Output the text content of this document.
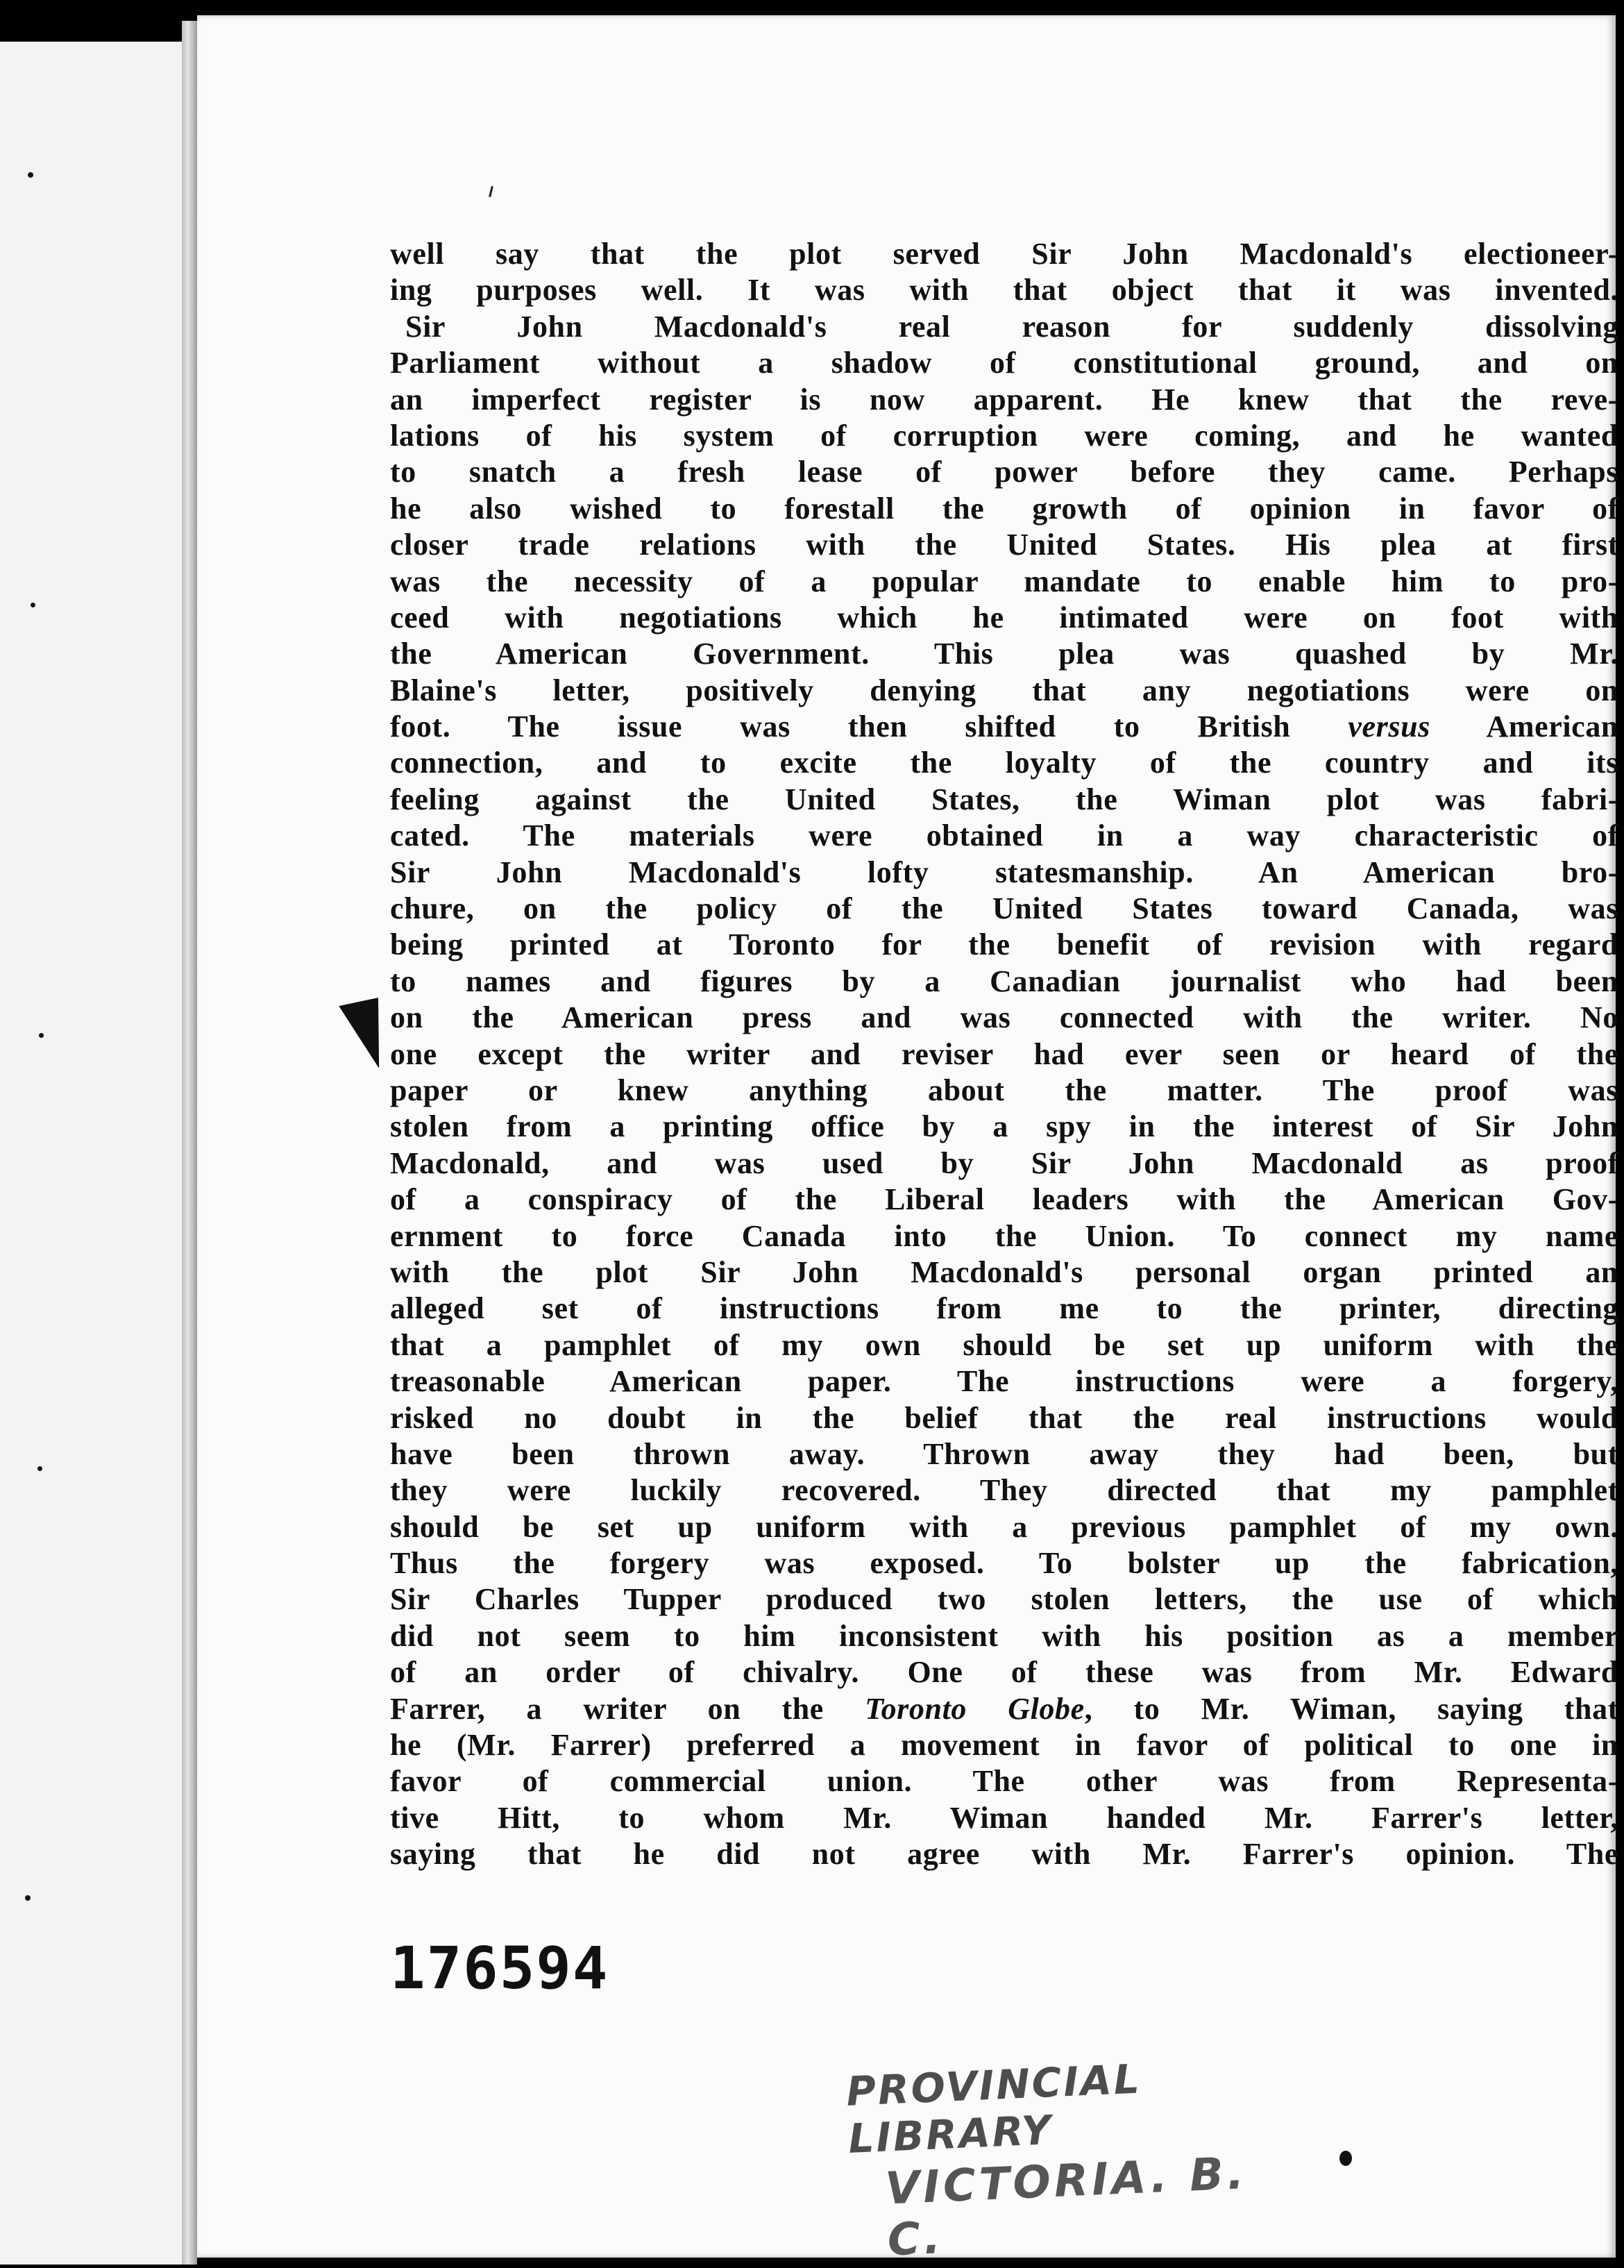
well say that the plot served Sir John Macdonald's electioneer-
ing purposes well. It was with that object that it was invented.
Sir John Macdonald's real reason for suddenly dissolving
Parliament without a shadow of constitutional ground, and on
an imperfect register is now apparent. He knew that the reve-
lations of his system of corruption were coming, and he wanted
to snatch a fresh lease of power before they came. Perhaps
he also wished to forestall the growth of opinion in favor of
closer trade relations with the United States. His plea at first
was the necessity of a popular mandate to enable him to pro-
ceed with negotiations which he intimated were on foot with
the American Government. This plea was quashed by Mr.
Blaine's letter, positively denying that any negotiations were on
foot. The issue was then shifted to British versus American
connection, and to excite the loyalty of the country and its
feeling against the United States, the Wiman plot was fabri-
cated. The materials were obtained in a way characteristic of
Sir John Macdonald's lofty statesmanship. An American bro-
chure, on the policy of the United States toward Canada, was
being printed at Toronto for the benefit of revision with regard
to names and figures by a Canadian journalist who had been
on the American press and was connected with the writer. No
one except the writer and reviser had ever seen or heard of the
paper or knew anything about the matter. The proof was
stolen from a printing office by a spy in the interest of Sir John
Macdonald, and was used by Sir John Macdonald as proof
of a conspiracy of the Liberal leaders with the American Gov-
ernment to force Canada into the Union. To connect my name
with the plot Sir John Macdonald's personal organ printed an
alleged set of instructions from me to the printer, directing
that a pamphlet of my own should be set up uniform with the
treasonable American paper. The instructions were a forgery,
risked no doubt in the belief that the real instructions would
have been thrown away. Thrown away they had been, but
they were luckily recovered. They directed that my pamphlet
should be set up uniform with a previous pamphlet of my own.
Thus the forgery was exposed. To bolster up the fabrication,
Sir Charles Tupper produced two stolen letters, the use of which
did not seem to him inconsistent with his position as a member
of an order of chivalry. One of these was from Mr. Edward
Farrer, a writer on the Toronto Globe, to Mr. Wiman, saying that
he (Mr. Farrer) preferred a movement in favor of political to one in
favor of commercial union. The other was from Representa-
tive Hitt, to whom Mr. Wiman handed Mr. Farrer's letter,
saying that he did not agree with Mr. Farrer's opinion. The
176594
PROVINCIAL LIBRARY
VICTORIA. B. C.
